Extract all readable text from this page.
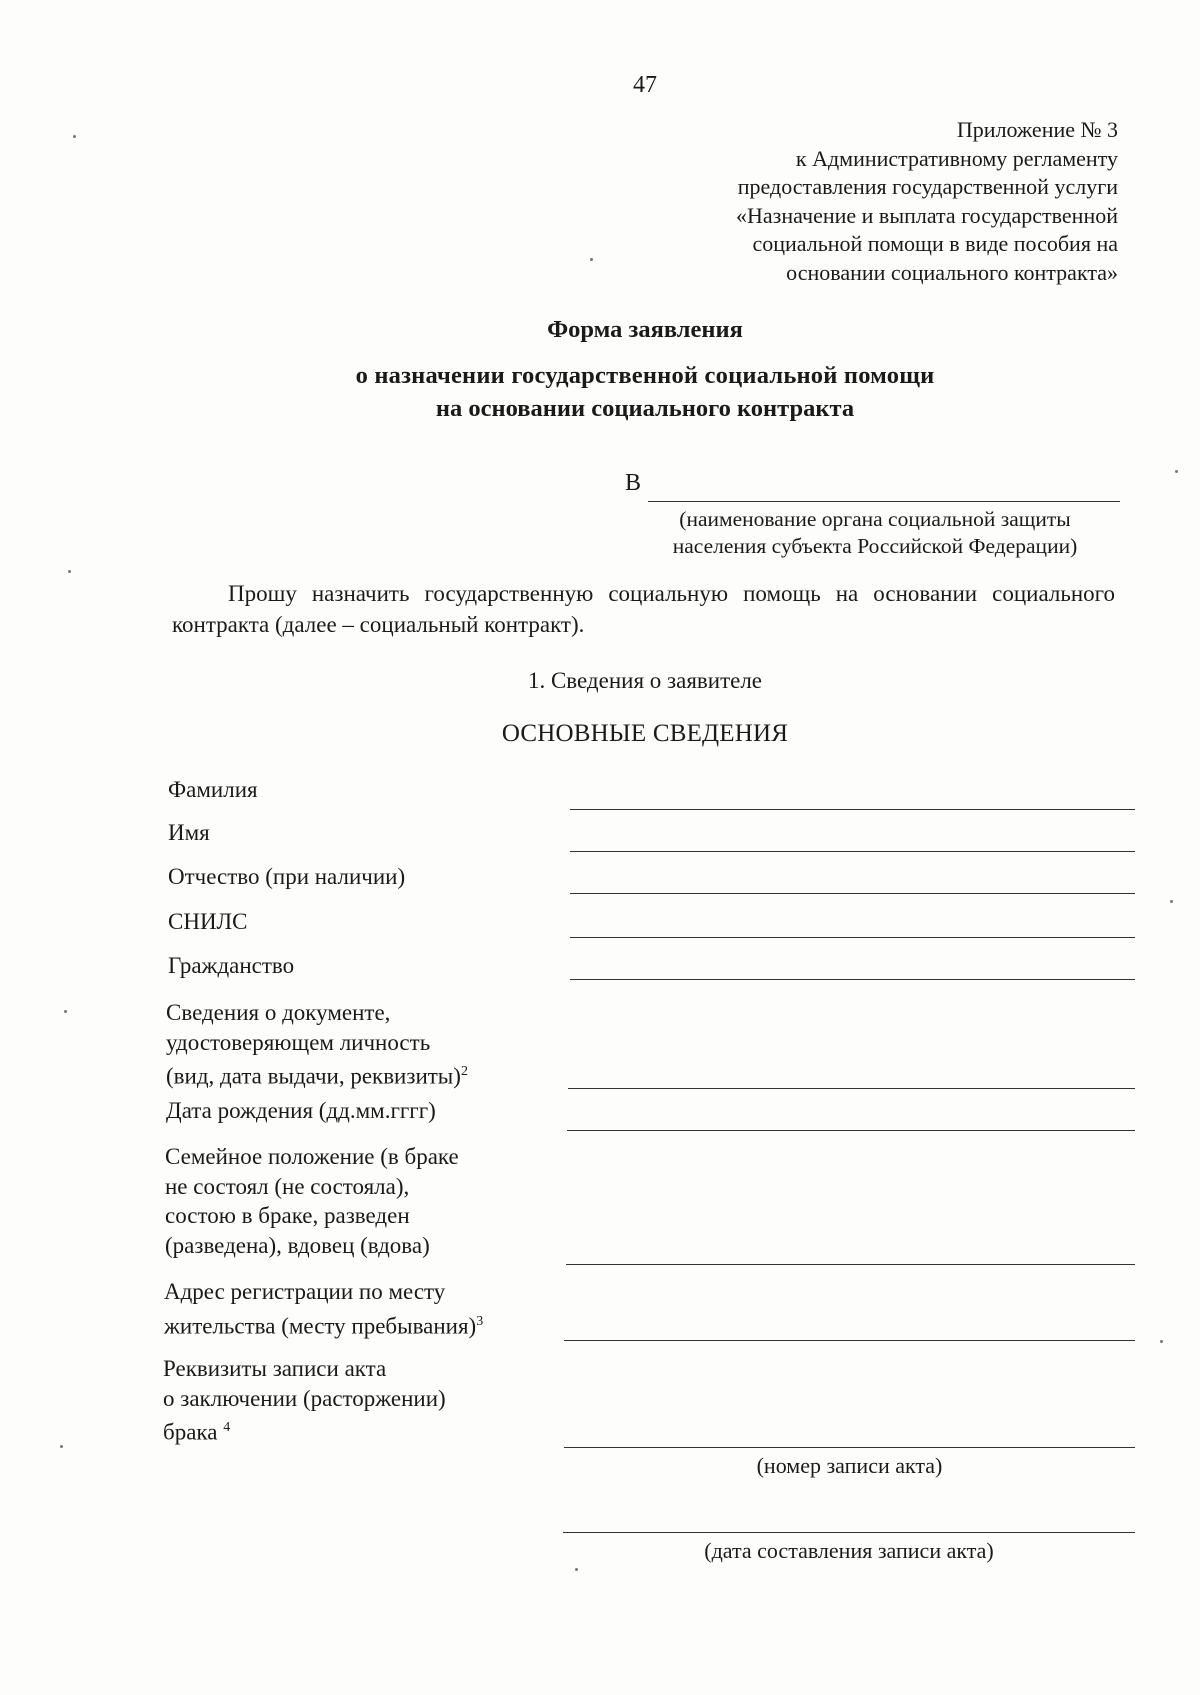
47
Приложение № 3
к Административному регламенту
предоставления государственной услуги
«Назначение и выплата государственной
социальной помощи в виде пособия на
основании социального контракта»
Форма заявления
о назначении государственной социальной помощи
на основании социального контракта
В
(наименование органа социальной защиты
населения субъекта Российской Федерации)
Прошу назначить государственную социальную помощь на основании социального контракта (далее – социальный контракт).
1. Сведения о заявителе
ОСНОВНЫЕ СВЕДЕНИЯ
Фамилия
Имя
Отчество (при наличии)
СНИЛС
Гражданство
Сведения о документе,
удостоверяющем личность
(вид, дата выдачи, реквизиты)$^2$
Дата рождения (дд.мм.гггг)
Семейное положение (в браке
не состоял (не состояла),
состою в браке, разведен
(разведена), вдовец (вдова)
Адрес регистрации по месту
жительства (месту пребывания)$^3$
Реквизиты записи акта
о заключении (расторжении)
брака $^4$
(номер записи акта)
(дата составления записи акта)
